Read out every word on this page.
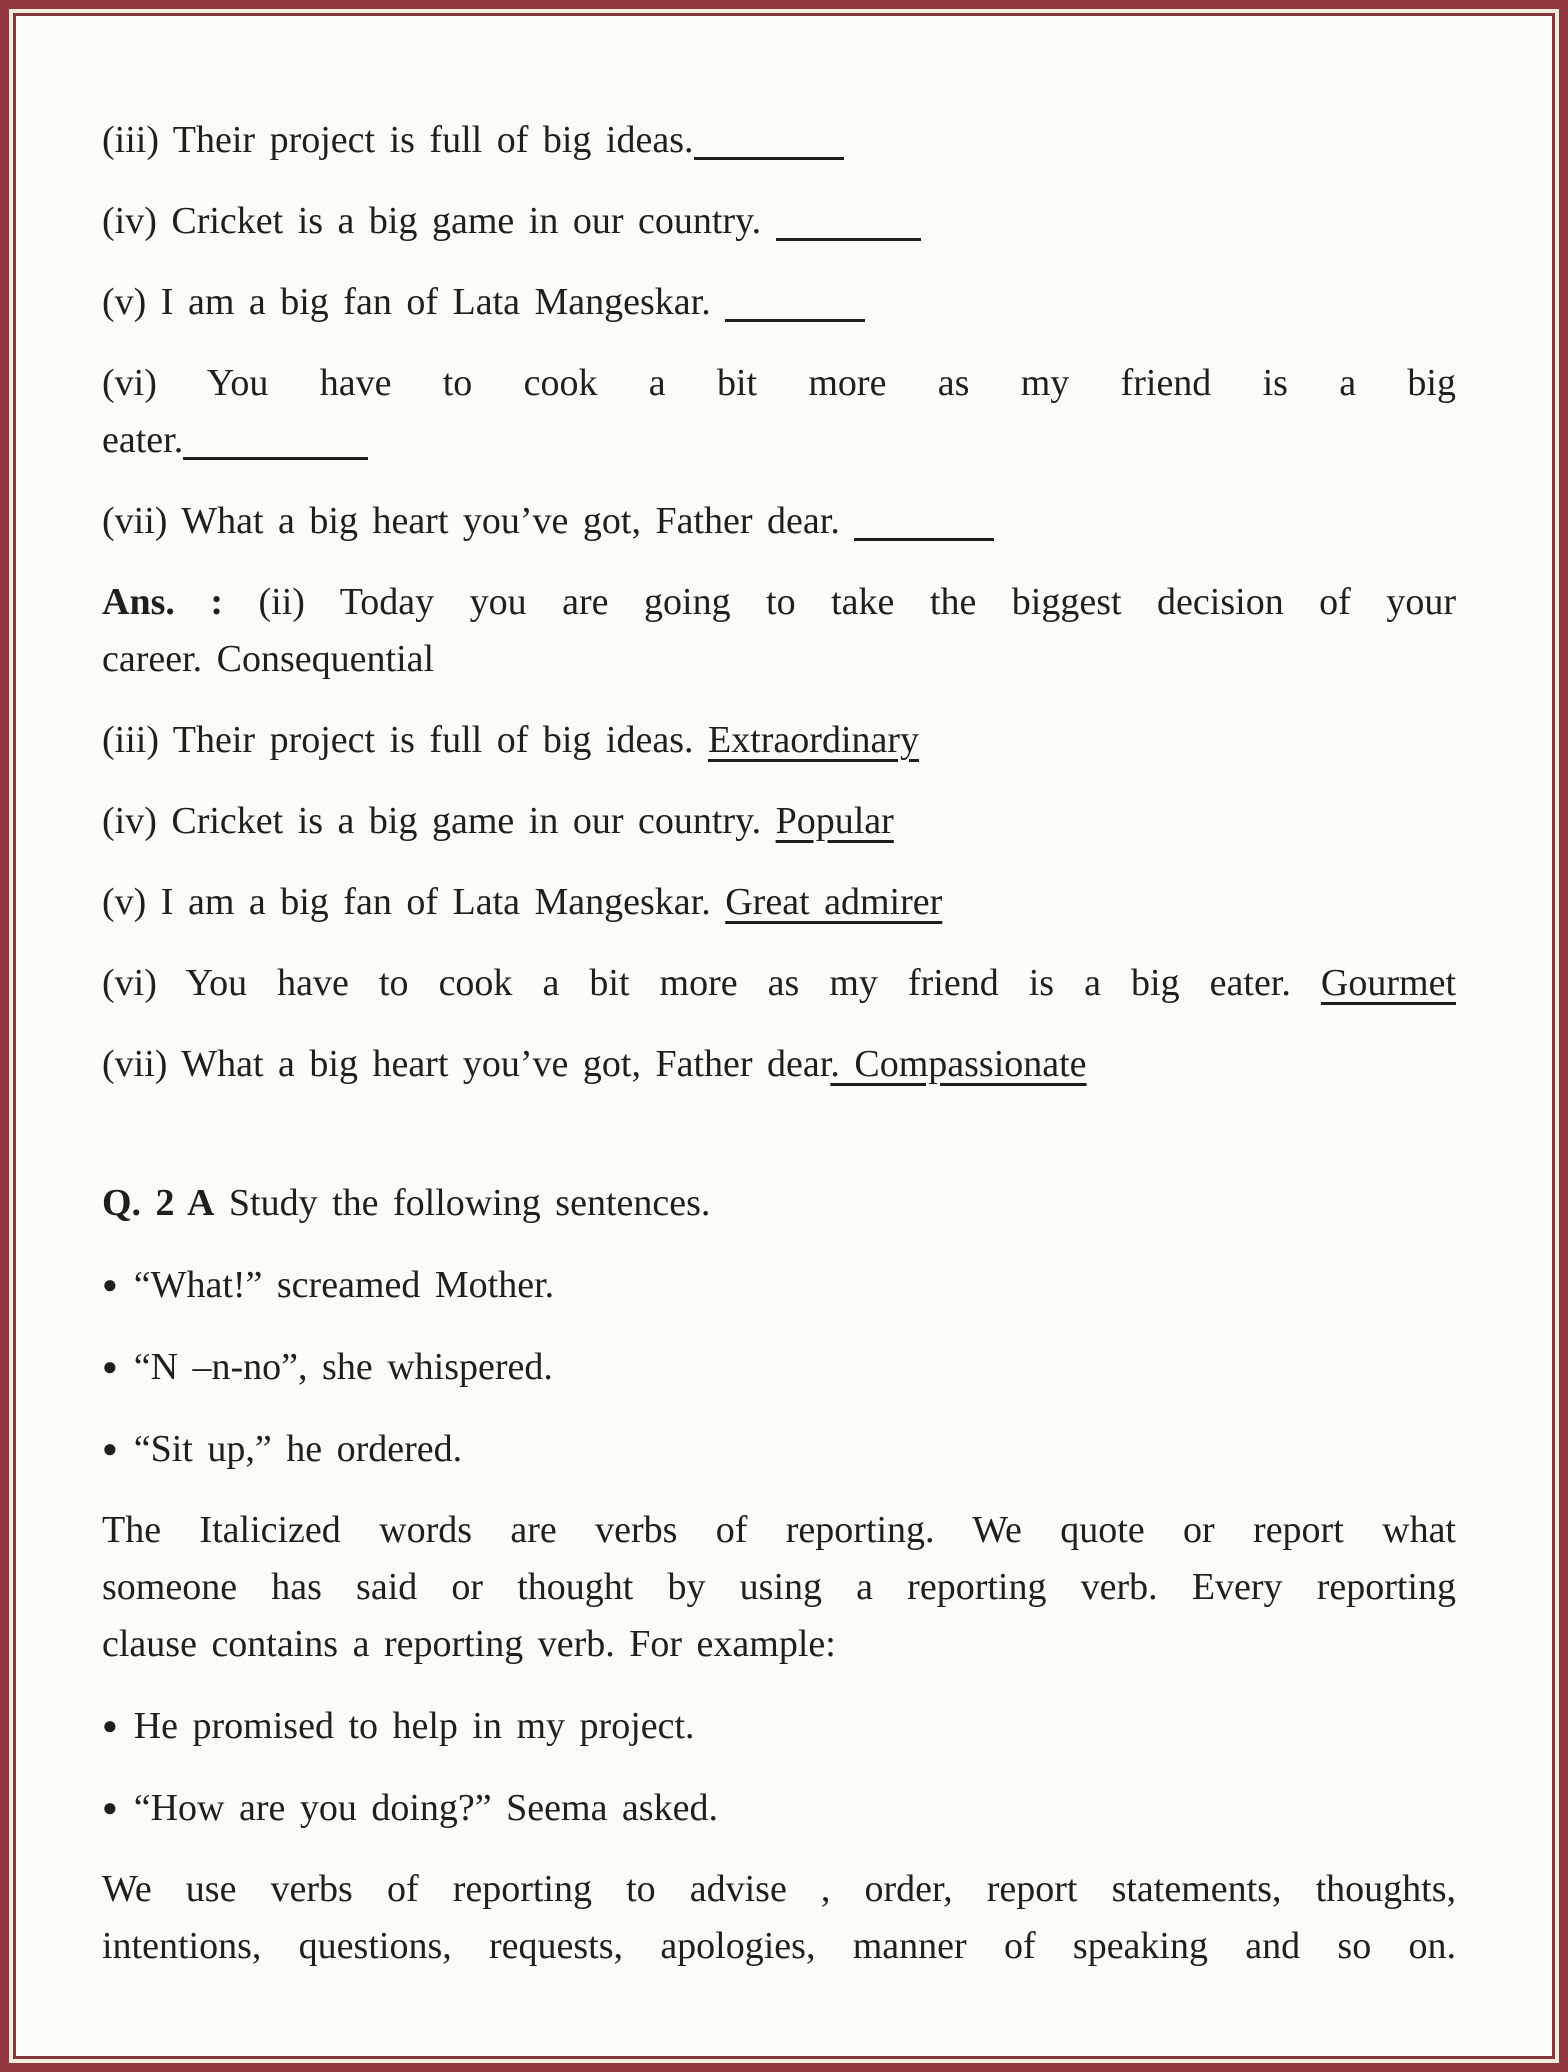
(iii) Their project is full of big ideas.
(iv) Cricket is a big game in our country.
(v) I am a big fan of Lata Mangeskar.
(vi) You have to cook a bit more as my friend is a big
eater.
(vii) What a big heart you’ve got, Father dear.
Ans. : (ii) Today you are going to take the biggest decision of your
career. Consequential
(iii) Their project is full of big ideas. Extraordinary
(iv) Cricket is a big game in our country. Popular
(v) I am a big fan of Lata Mangeskar. Great admirer
(vi) You have to cook a bit more as my friend is a big eater. Gourmet
(vii) What a big heart you’ve got, Father dear. Compassionate
Q. 2 A Study the following sentences.
● “What!” screamed Mother.
● “N –n-no”, she whispered.
● “Sit up,” he ordered.
The Italicized words are verbs of reporting. We quote or report what
someone has said or thought by using a reporting verb. Every reporting
clause contains a reporting verb. For example:
● He promised to help in my project.
● “How are you doing?” Seema asked.
We use verbs of reporting to advise , order, report statements, thoughts,
intentions, questions, requests, apologies, manner of speaking and so on.
